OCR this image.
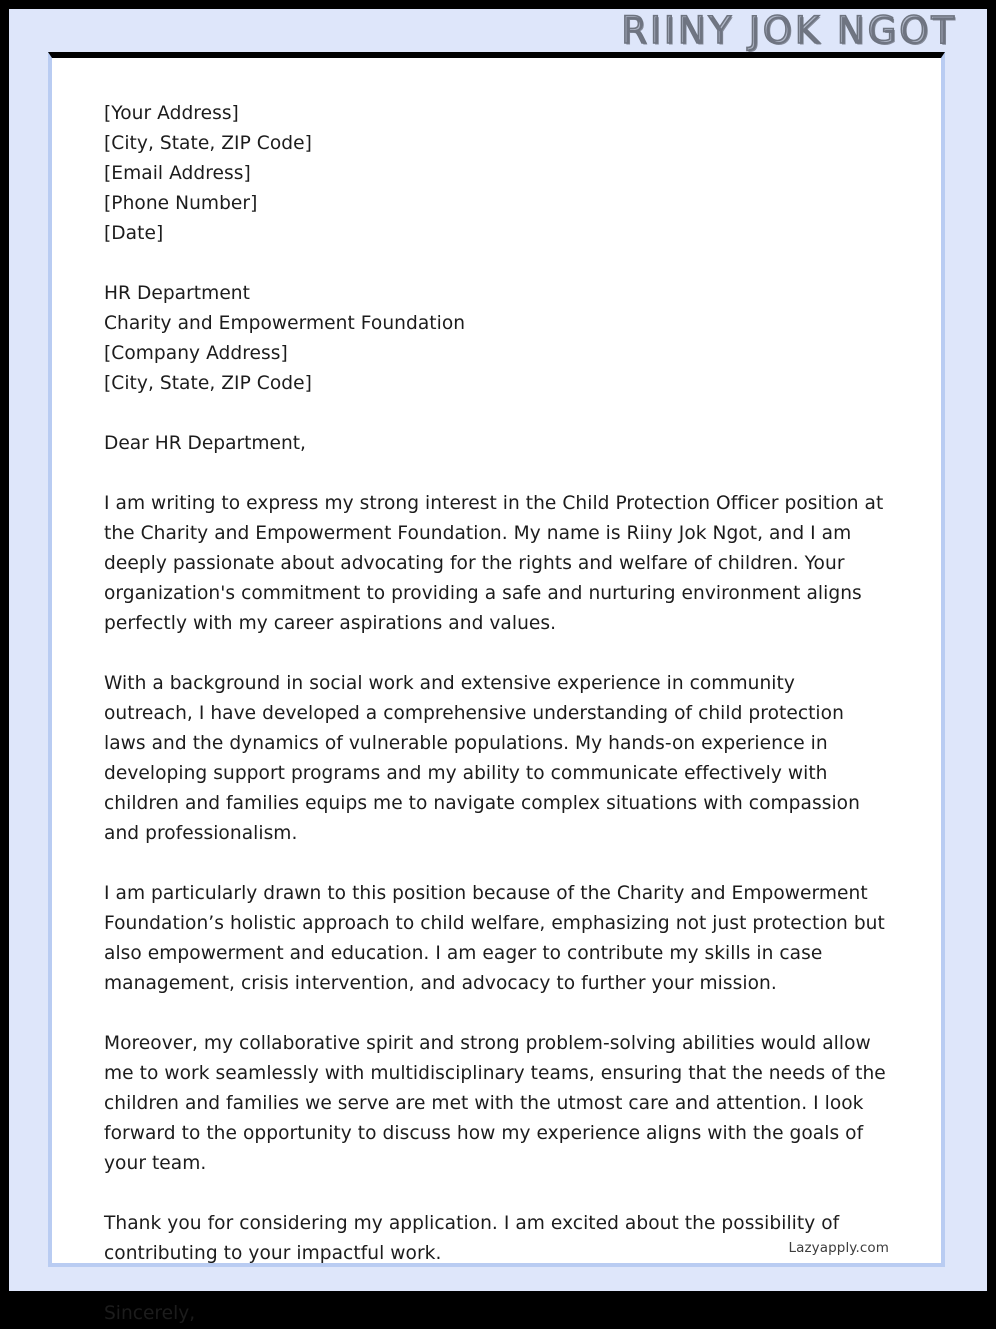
RIINY JOK NGOT
[Your Address]
[City, State, ZIP Code]
[Email Address]
[Phone Number]
[Date]
HR Department
Charity and Empowerment Foundation
[Company Address]
[City, State, ZIP Code]
Dear HR Department,
I am writing to express my strong interest in the Child Protection Officer position at the Charity and Empowerment Foundation. My name is Riiny Jok Ngot, and I am deeply passionate about advocating for the rights and welfare of children. Your organization's commitment to providing a safe and nurturing environment aligns perfectly with my career aspirations and values.
With a background in social work and extensive experience in community outreach, I have developed a comprehensive understanding of child protection laws and the dynamics of vulnerable populations. My hands-on experience in developing support programs and my ability to communicate effectively with children and families equips me to navigate complex situations with compassion and professionalism.
I am particularly drawn to this position because of the Charity and Empowerment Foundation’s holistic approach to child welfare, emphasizing not just protection but also empowerment and education. I am eager to contribute my skills in case management, crisis intervention, and advocacy to further your mission.
Moreover, my collaborative spirit and strong problem-solving abilities would allow me to work seamlessly with multidisciplinary teams, ensuring that the needs of the children and families we serve are met with the utmost care and attention. I look forward to the opportunity to discuss how my experience aligns with the goals of your team.
Thank you for considering my application. I am excited about the possibility of contributing to your impactful work.
Sincerely,
Lazyapply.com
